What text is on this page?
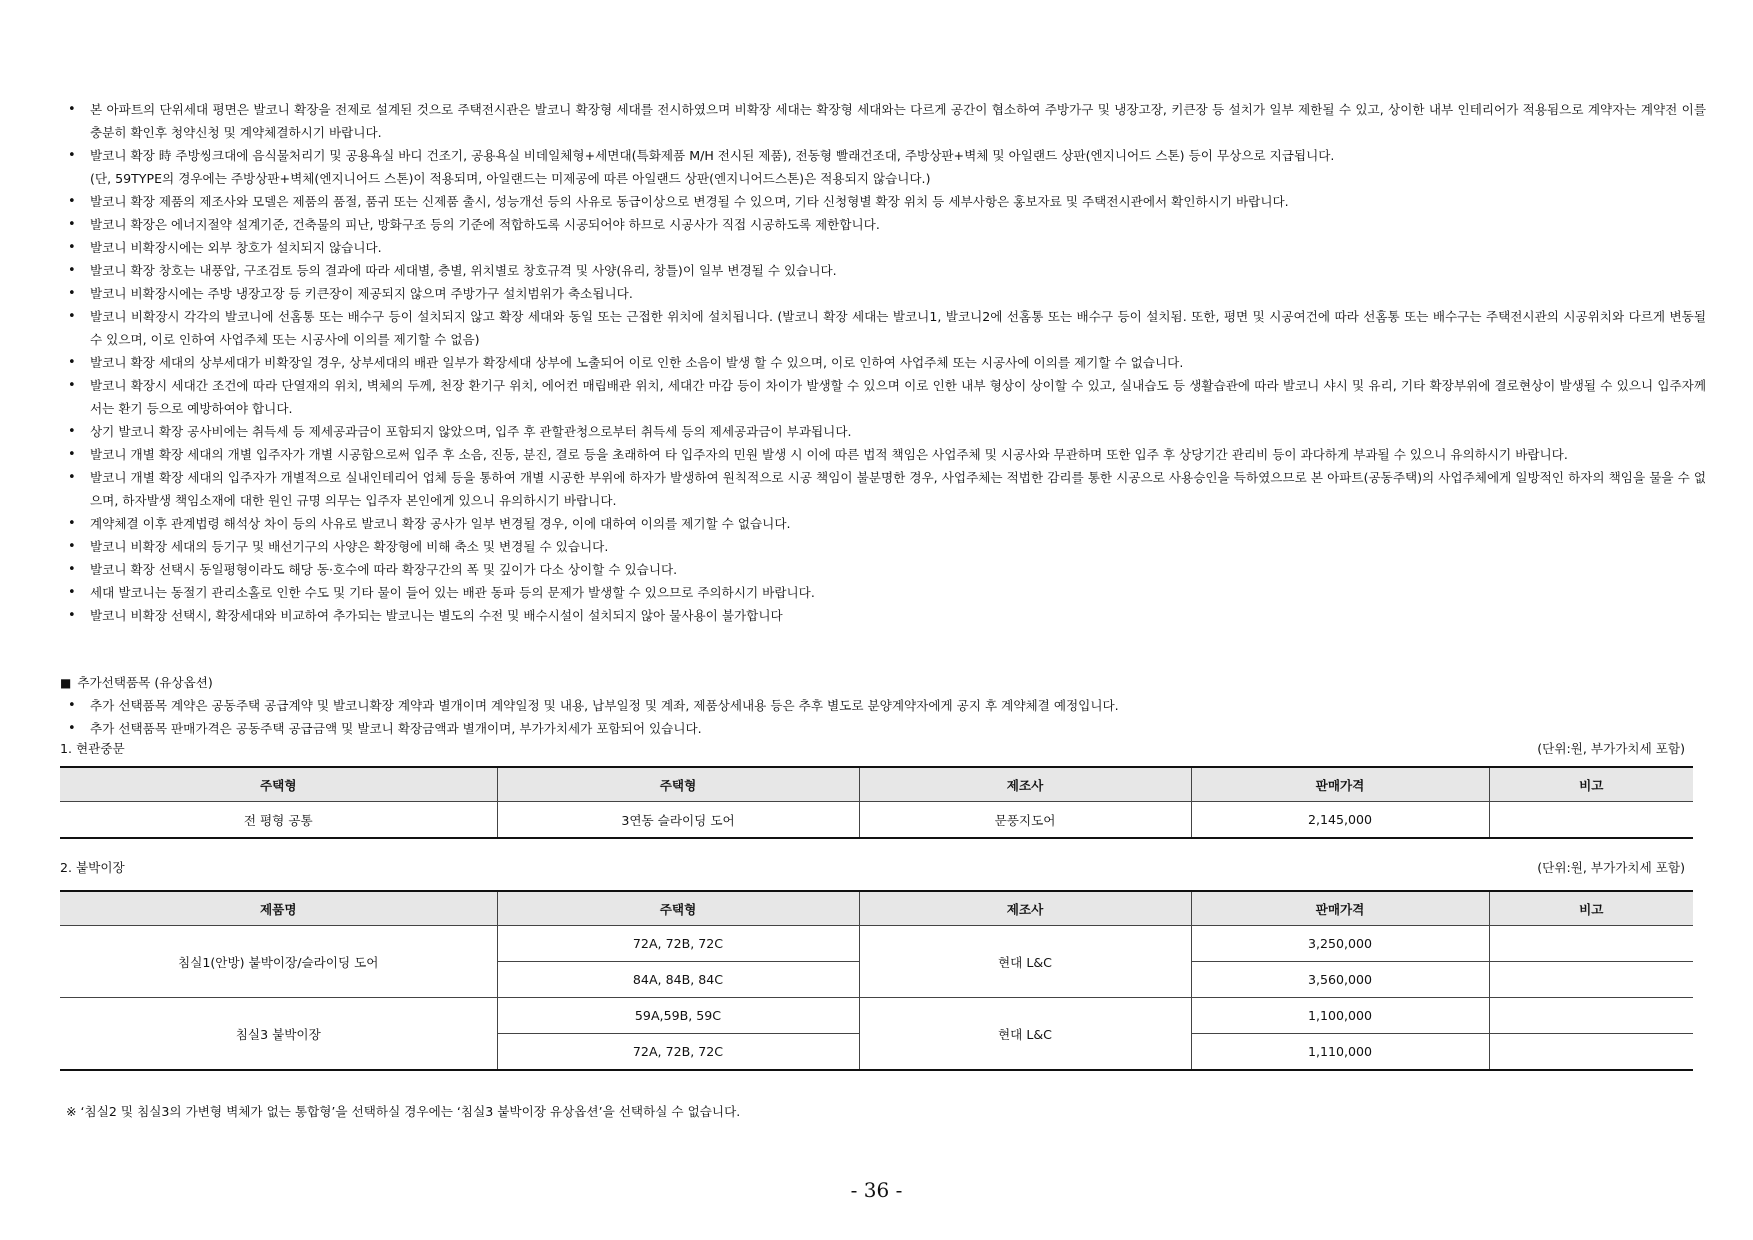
• 본 아파트의 단위세대 평면은 발코니 확장을 전제로 설계된 것으로 주택전시관은 발코니 확장형 세대를 전시하였으며 비확장 세대는 확장형 세대와는 다르게 공간이 협소하여 주방가구 및 냉장고장, 키큰장 등 설치가 일부 제한될 수 있고, 상이한 내부 인테리어가 적용됨으로 계약자는 계약전 이를 충분히 확인후 청약신청 및 계약체결하시기 바랍니다.
• 발코니 확장 時 주방씽크대에 음식물처리기 및 공용욕실 바디 건조기, 공용욕실 비데일체형+세면대(특화제품 M/H 전시된 제품), 전동형 빨래건조대, 주방상판+벽체 및 아일랜드 상판(엔지니어드 스톤) 등이 무상으로 지급됩니다.
(단, 59TYPE의 경우에는 주방상판+벽체(엔지니어드 스톤)이 적용되며, 아일랜드는 미제공에 따른 아일랜드 상판(엔지니어드스톤)은 적용되지 않습니다.)
• 발코니 확장 제품의 제조사와 모델은 제품의 품절, 품귀 또는 신제품 출시, 성능개선 등의 사유로 동급이상으로 변경될 수 있으며, 기타 신청형별 확장 위치 등 세부사항은 홍보자료 및 주택전시관에서 확인하시기 바랍니다.
• 발코니 확장은 에너지절약 설계기준, 건축물의 피난, 방화구조 등의 기준에 적합하도록 시공되어야 하므로 시공사가 직접 시공하도록 제한합니다.
• 발코니 비확장시에는 외부 창호가 설치되지 않습니다.
• 발코니 확장 창호는 내풍압, 구조검토 등의 결과에 따라 세대별, 층별, 위치별로 창호규격 및 사양(유리, 창틀)이 일부 변경될 수 있습니다.
• 발코니 비확장시에는 주방 냉장고장 등 키큰장이 제공되지 않으며 주방가구 설치범위가 축소됩니다.
• 발코니 비확장시 각각의 발코니에 선홈통 또는 배수구 등이 설치되지 않고 확장 세대와 동일 또는 근접한 위치에 설치됩니다. (발코니 확장 세대는 발코니1, 발코니2에 선홈통 또는 배수구 등이 설치됨. 또한, 평면 및 시공여건에 따라 선홈통 또는 배수구는 주택전시관의 시공위치와 다르게 변동될 수 있으며, 이로 인하여 사업주체 또는 시공사에 이의를 제기할 수 없음)
• 발코니 확장 세대의 상부세대가 비확장일 경우, 상부세대의 배관 일부가 확장세대 상부에 노출되어 이로 인한 소음이 발생 할 수 있으며, 이로 인하여 사업주체 또는 시공사에 이의를 제기할 수 없습니다.
• 발코니 확장시 세대간 조건에 따라 단열재의 위치, 벽체의 두께, 천장 환기구 위치, 에어컨 매립배관 위치, 세대간 마감 등이 차이가 발생할 수 있으며 이로 인한 내부 형상이 상이할 수 있고, 실내습도 등 생활습관에 따라 발코니 샤시 및 유리, 기타 확장부위에 결로현상이 발생될 수 있으니 입주자께서는 환기 등으로 예방하여야 합니다.
• 상기 발코니 확장 공사비에는 취득세 등 제세공과금이 포함되지 않았으며, 입주 후 관할관청으로부터 취득세 등의 제세공과금이 부과됩니다.
• 발코니 개별 확장 세대의 개별 입주자가 개별 시공함으로써 입주 후 소음, 진동, 분진, 결로 등을 초래하여 타 입주자의 민원 발생 시 이에 따른 법적 책임은 사업주체 및 시공사와 무관하며 또한 입주 후 상당기간 관리비 등이 과다하게 부과될 수 있으니 유의하시기 바랍니다.
• 발코니 개별 확장 세대의 입주자가 개별적으로 실내인테리어 업체 등을 통하여 개별 시공한 부위에 하자가 발생하여 원칙적으로 시공 책임이 불분명한 경우, 사업주체는 적법한 감리를 통한 시공으로 사용승인을 득하였으므로 본 아파트(공동주택)의 사업주체에게 일방적인 하자의 책임을 물을 수 없으며, 하자발생 책임소재에 대한 원인 규명 의무는 입주자 본인에게 있으니 유의하시기 바랍니다.
• 계약체결 이후 관계법령 해석상 차이 등의 사유로 발코니 확장 공사가 일부 변경될 경우, 이에 대하여 이의를 제기할 수 없습니다.
• 발코니 비확장 세대의 등기구 및 배선기구의 사양은 확장형에 비해 축소 및 변경될 수 있습니다.
• 발코니 확장 선택시 동일평형이라도 해당 동·호수에 따라 확장구간의 폭 및 깊이가 다소 상이할 수 있습니다.
• 세대 발코니는 동절기 관리소홀로 인한 수도 및 기타 물이 들어 있는 배관 동파 등의 문제가 발생할 수 있으므로 주의하시기 바랍니다.
• 발코니 비확장 선택시, 확장세대와 비교하여 추가되는 발코니는 별도의 수전 및 배수시설이 설치되지 않아 물사용이 불가합니다
■ 추가선택품목 (유상옵션)
• 추가 선택품목 계약은 공동주택 공급계약 및 발코니확장 계약과 별개이며 계약일정 및 내용, 납부일정 및 계좌, 제품상세내용 등은 추후 별도로 분양계약자에게 공지 후 계약체결 예정입니다.
• 추가 선택품목 판매가격은 공동주택 공급금액 및 발코니 확장금액과 별개이며, 부가가치세가 포함되어 있습니다.
1. 현관중문	(단위:원, 부가가치세 포함)
주택형	주택형	제조사	판매가격	비고
전 평형 공통	3연동 슬라이딩 도어	문풍지도어	2,145,000	
2. 붙박이장	(단위:원, 부가가치세 포함)
제품명	주택형	제조사	판매가격	비고
침실1(안방) 붙박이장/슬라이딩 도어	72A, 72B, 72C	현대 L&C	3,250,000	
	84A, 84B, 84C		3,560,000	
침실3 붙박이장	59A,59B, 59C	현대 L&C	1,100,000	
	72A, 72B, 72C		1,110,000	
※ ‘침실2 및 침실3의 가변형 벽체가 없는 통합형’을 선택하실 경우에는 ‘침실3 붙박이장 유상옵션’을 선택하실 수 없습니다.
- 36 -
